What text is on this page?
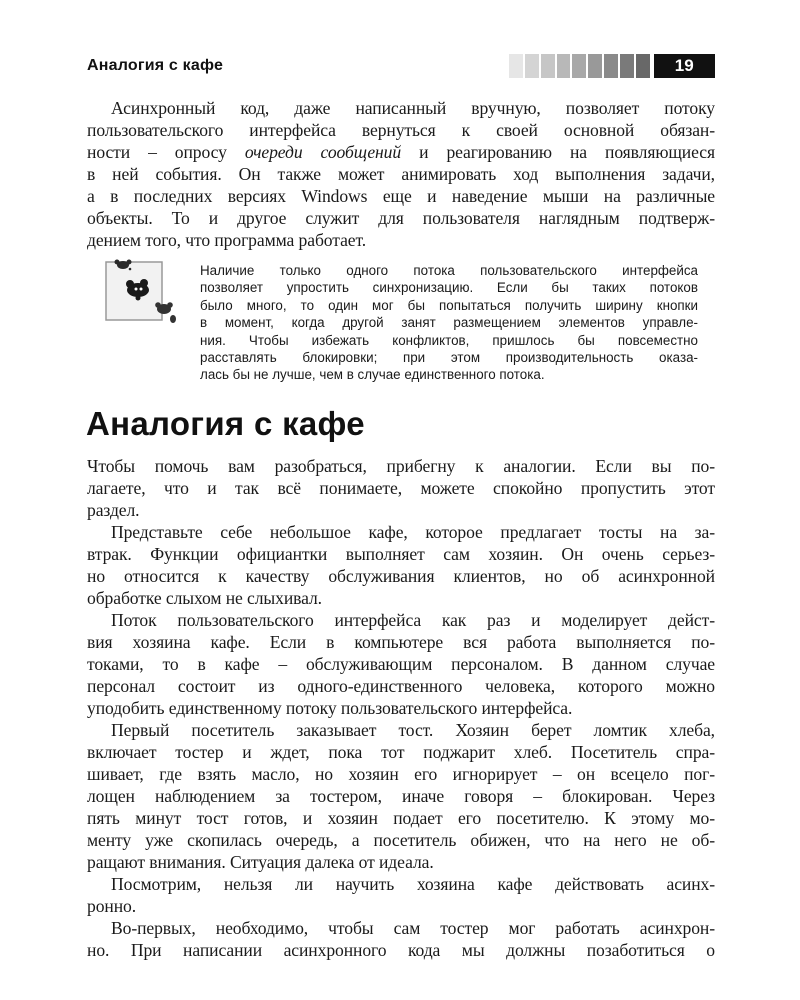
Аналогия с кафе	19

Асинхронный код, даже написанный вручную, позволяет потоку
пользовательского интерфейса вернуться к своей основной обязан-
ности – опросу очереди сообщений и реагированию на появляющиеся
в ней события. Он также может анимировать ход выполнения задачи,
а в последних версиях Windows еще и наведение мыши на различные
объекты. То и другое служит для пользователя наглядным подтверж-
дением того, что программа работает.

Наличие только одного потока пользовательского интерфейса
позволяет упростить синхронизацию. Если бы таких потоков
было много, то один мог бы попытаться получить ширину кнопки
в момент, когда другой занят размещением элементов управле-
ния. Чтобы избежать конфликтов, пришлось бы повсеместно
расставлять блокировки; при этом производительность оказа-
лась бы не лучше, чем в случае единственного потока.

Аналогия с кафе

Чтобы помочь вам разобраться, прибегну к аналогии. Если вы по-
лагаете, что и так всё понимаете, можете спокойно пропустить этот
раздел.
Представьте себе небольшое кафе, которое предлагает тосты на за-
втрак. Функции официантки выполняет сам хозяин. Он очень серьез-
но относится к качеству обслуживания клиентов, но об асинхронной
обработке слыхом не слыхивал.
Поток пользовательского интерфейса как раз и моделирует дейст-
вия хозяина кафе. Если в компьютере вся работа выполняется по-
токами, то в кафе – обслуживающим персоналом. В данном случае
персонал состоит из одного-единственного человека, которого можно
уподобить единственному потоку пользовательского интерфейса.
Первый посетитель заказывает тост. Хозяин берет ломтик хлеба,
включает тостер и ждет, пока тот поджарит хлеб. Посетитель спра-
шивает, где взять масло, но хозяин его игнорирует – он всецело пог-
лощен наблюдением за тостером, иначе говоря – блокирован. Через
пять минут тост готов, и хозяин подает его посетителю. К этому мо-
менту уже скопилась очередь, а посетитель обижен, что на него не об-
ращают внимания. Ситуация далека от идеала.
Посмотрим, нельзя ли научить хозяина кафе действовать асинх-
ронно.
Во-первых, необходимо, чтобы сам тостер мог работать асинхрон-
но. При написании асинхронного кода мы должны позаботиться о
